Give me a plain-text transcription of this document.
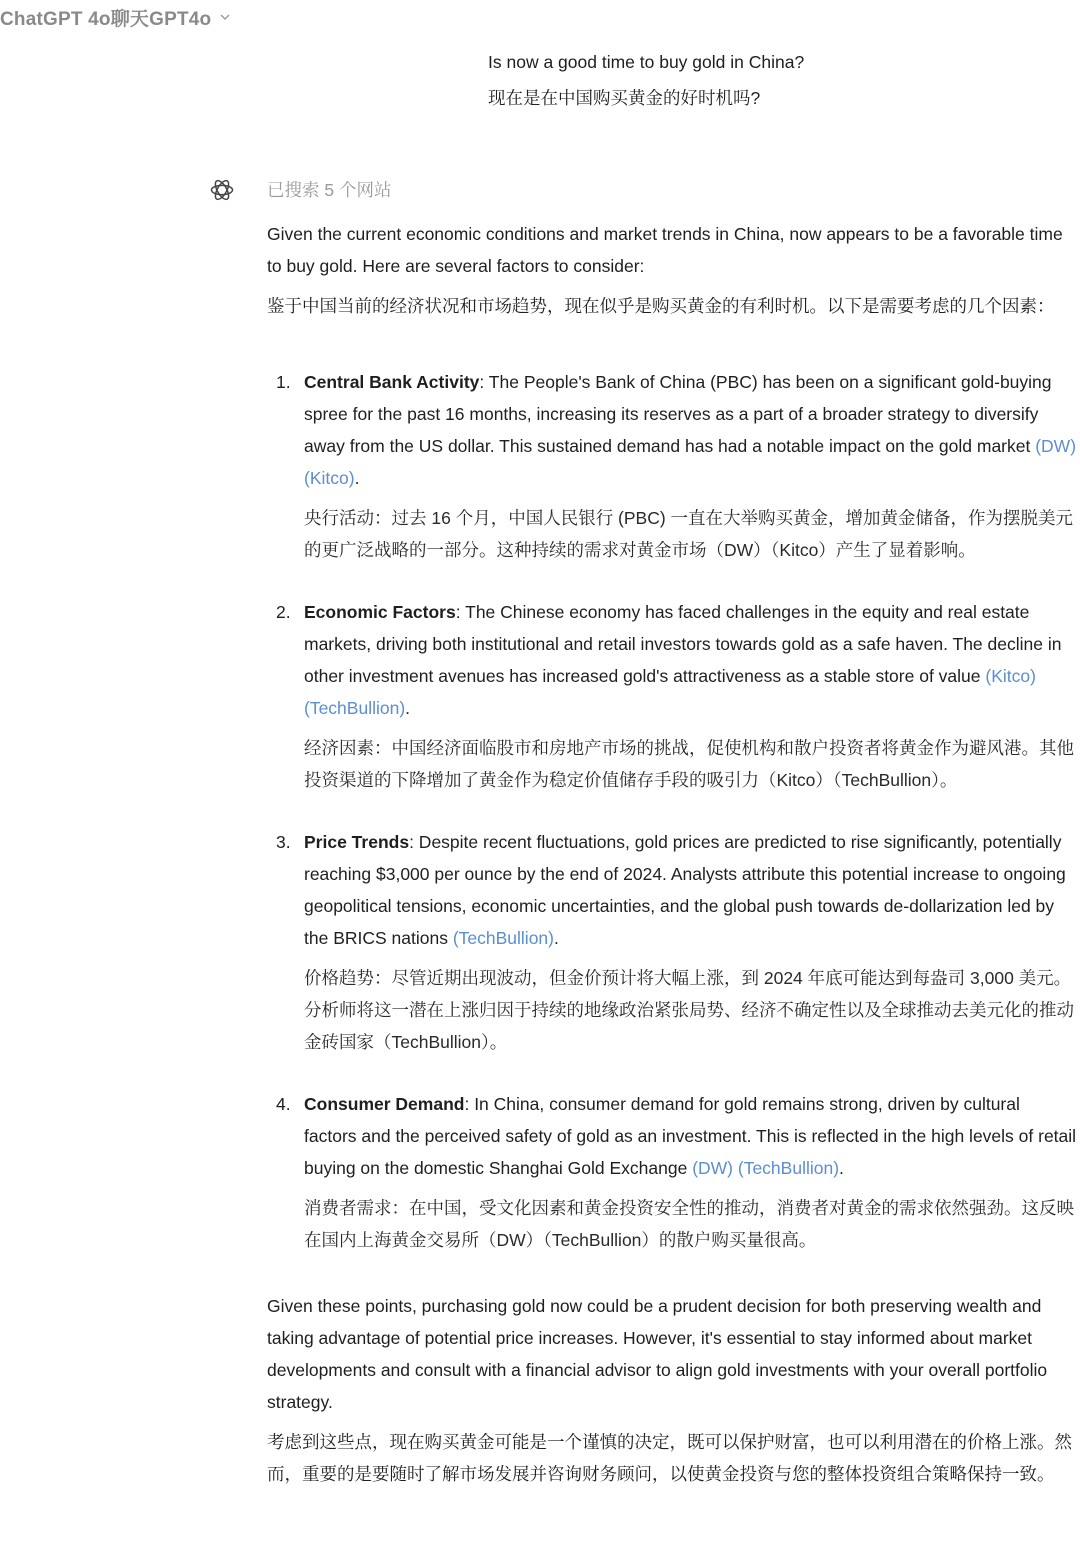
ChatGPT 4o聊天GPT4o

Is now a good time to buy gold in China?

现在是在中国购买黄金的好时机吗?

已搜索 5 个网站

Given the current economic conditions and market trends in China, now appears to be a favorable time to buy gold. Here are several factors to consider:

鉴于中国当前的经济状况和市场趋势，现在似乎是购买黄金的有利时机。以下是需要考虑的几个因素：

1. Central Bank Activity: The People's Bank of China (PBC) has been on a significant gold-buying spree for the past 16 months, increasing its reserves as a part of a broader strategy to diversify away from the US dollar. This sustained demand has had a notable impact on the gold market (DW) (Kitco).

央行活动：过去 16 个月，中国人民银行 (PBC) 一直在大举购买黄金，增加黄金储备，作为摆脱美元的更广泛战略的一部分。这种持续的需求对黄金市场（DW）（Kitco）产生了显着影响。

2. Economic Factors: The Chinese economy has faced challenges in the equity and real estate markets, driving both institutional and retail investors towards gold as a safe haven. The decline in other investment avenues has increased gold's attractiveness as a stable store of value (Kitco) (TechBullion).

经济因素：中国经济面临股市和房地产市场的挑战，促使机构和散户投资者将黄金作为避风港。其他投资渠道的下降增加了黄金作为稳定价值储存手段的吸引力（Kitco）（TechBullion）。

3. Price Trends: Despite recent fluctuations, gold prices are predicted to rise significantly, potentially reaching $3,000 per ounce by the end of 2024. Analysts attribute this potential increase to ongoing geopolitical tensions, economic uncertainties, and the global push towards de-dollarization led by the BRICS nations (TechBullion).

价格趋势：尽管近期出现波动，但金价预计将大幅上涨，到 2024 年底可能达到每盎司 3,000 美元。分析师将这一潜在上涨归因于持续的地缘政治紧张局势、经济不确定性以及全球推动去美元化的推动金砖国家（TechBullion）。

4. Consumer Demand: In China, consumer demand for gold remains strong, driven by cultural factors and the perceived safety of gold as an investment. This is reflected in the high levels of retail buying on the domestic Shanghai Gold Exchange (DW) (TechBullion).

消费者需求：在中国，受文化因素和黄金投资安全性的推动，消费者对黄金的需求依然强劲。这反映在国内上海黄金交易所（DW）（TechBullion）的散户购买量很高。

Given these points, purchasing gold now could be a prudent decision for both preserving wealth and taking advantage of potential price increases. However, it's essential to stay informed about market developments and consult with a financial advisor to align gold investments with your overall portfolio strategy.

考虑到这些点，现在购买黄金可能是一个谨慎的决定，既可以保护财富，也可以利用潜在的价格上涨。然而，重要的是要随时了解市场发展并咨询财务顾问，以使黄金投资与您的整体投资组合策略保持一致。
